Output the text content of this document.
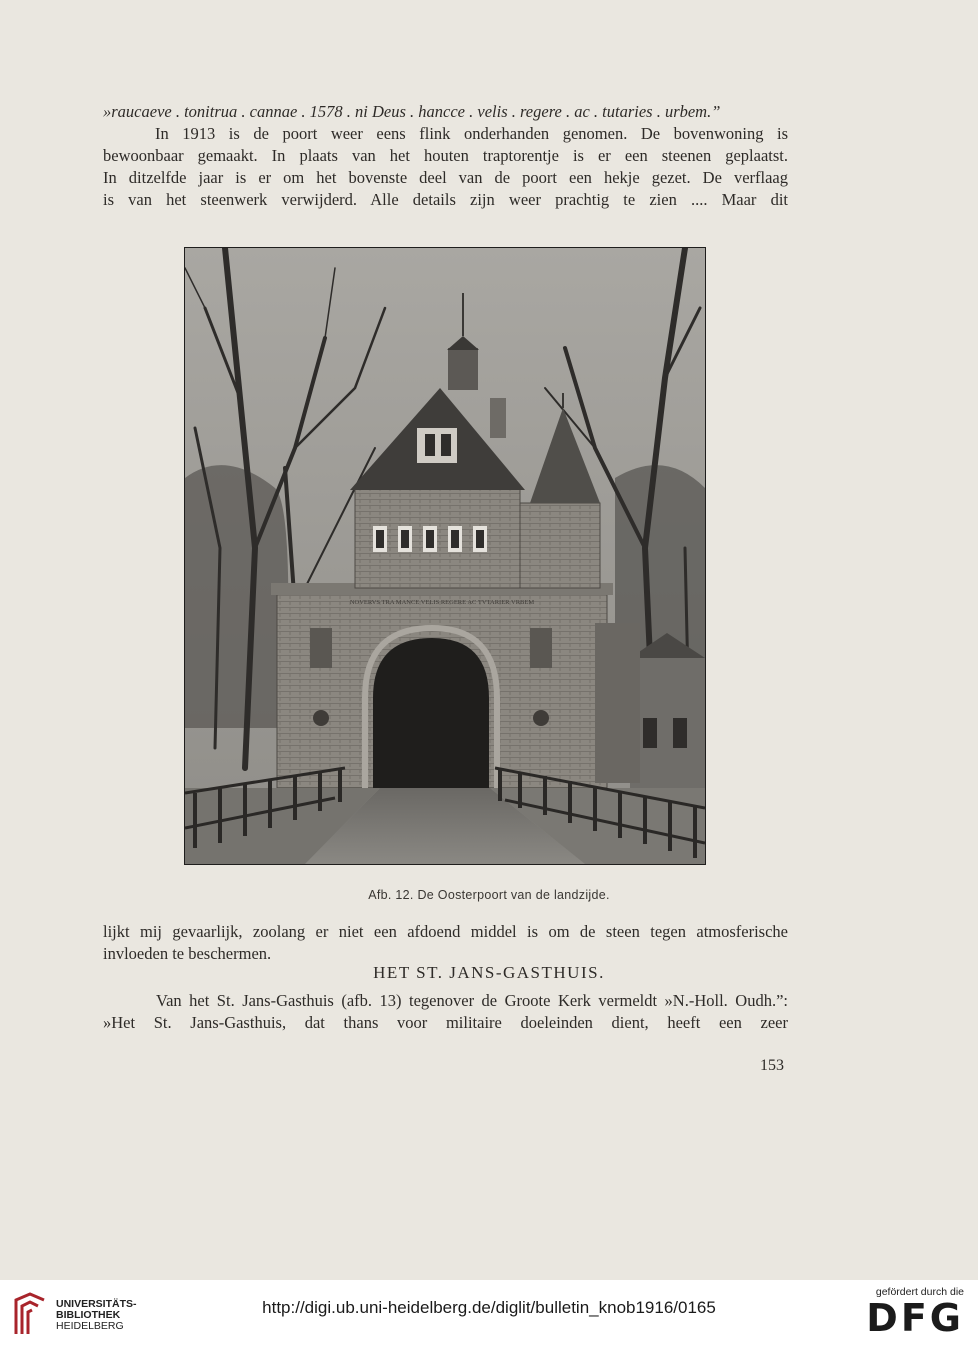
»raucaeve . tonitrua . cannae . 1578 . ni Deus . hancce . velis . regere . ac . tutaries . urbem.”
In 1913 is de poort weer eens flink onderhanden genomen. De bovenwoning is
bewoonbaar gemaakt. In plaats van het houten traptorentje is er een steenen geplaatst.
In ditzelfde jaar is er om het bovenste deel van de poort een hekje gezet. De verflaag
is van het steenwerk verwijderd. Alle details zijn weer prachtig te zien .... Maar dit
NOVERVS TRA MANCE VELIS REGERE AC TVTARIER VRBEM
Afb. 12. De Oosterpoort van de landzijde.
lijkt mij gevaarlijk, zoolang er niet een afdoend middel is om de steen tegen atmosferische
invloeden te beschermen.
HET ST. JANS-GASTHUIS.
Van het St. Jans-Gasthuis (afb. 13) tegenover de Groote Kerk vermeldt »N.-Holl. Oudh.”:
»Het St. Jans-Gasthuis, dat thans voor militaire doeleinden dient, heeft een zeer
153
UNIVERSITÄTS-
BIBLIOTHEK
HEIDELBERG
http://digi.ub.uni-heidelberg.de/diglit/bulletin_knob1916/0165
gefördert durch die
DFG
